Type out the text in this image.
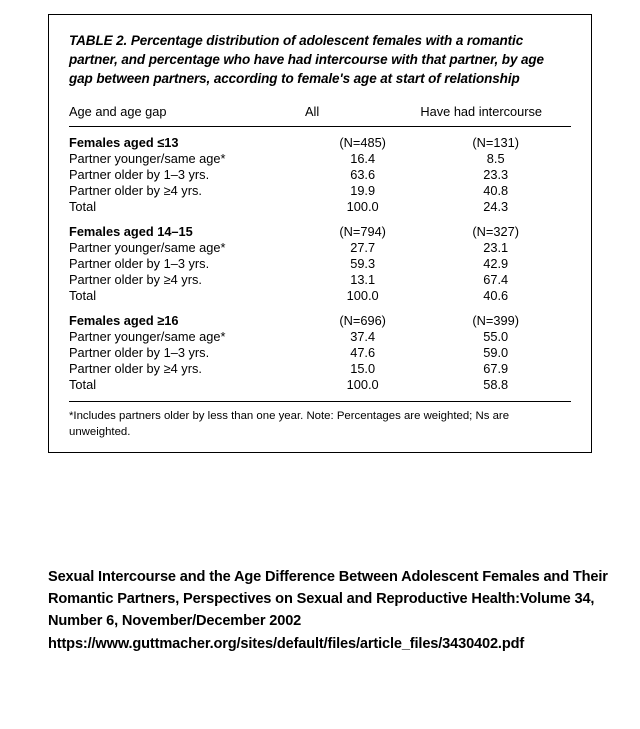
TABLE 2. Percentage distribution of adolescent females with a romantic partner, and percentage who have had intercourse with that partner, by age gap between partners, according to female's age at start of relationship

Age and age gap	All	Have had intercourse
Females aged ≤13	(N=485)	(N=131)
Partner younger/same age*	16.4	8.5
Partner older by 1–3 yrs.	63.6	23.3
Partner older by ≥4 yrs.	19.9	40.8
Total	100.0	24.3
Females aged 14–15	(N=794)	(N=327)
Partner younger/same age*	27.7	23.1
Partner older by 1–3 yrs.	59.3	42.9
Partner older by ≥4 yrs.	13.1	67.4
Total	100.0	40.6
Females aged ≥16	(N=696)	(N=399)
Partner younger/same age*	37.4	55.0
Partner older by 1–3 yrs.	47.6	59.0
Partner older by ≥4 yrs.	15.0	67.9
Total	100.0	58.8

*Includes partners older by less than one year. Note: Percentages are weighted; Ns are unweighted.

Sexual Intercourse and the Age Difference Between Adolescent Females and Their Romantic Partners, Perspectives on Sexual and Reproductive Health:Volume 34, Number 6, November/December 2002
https://www.guttmacher.org/sites/default/files/article_files/3430402.pdf
